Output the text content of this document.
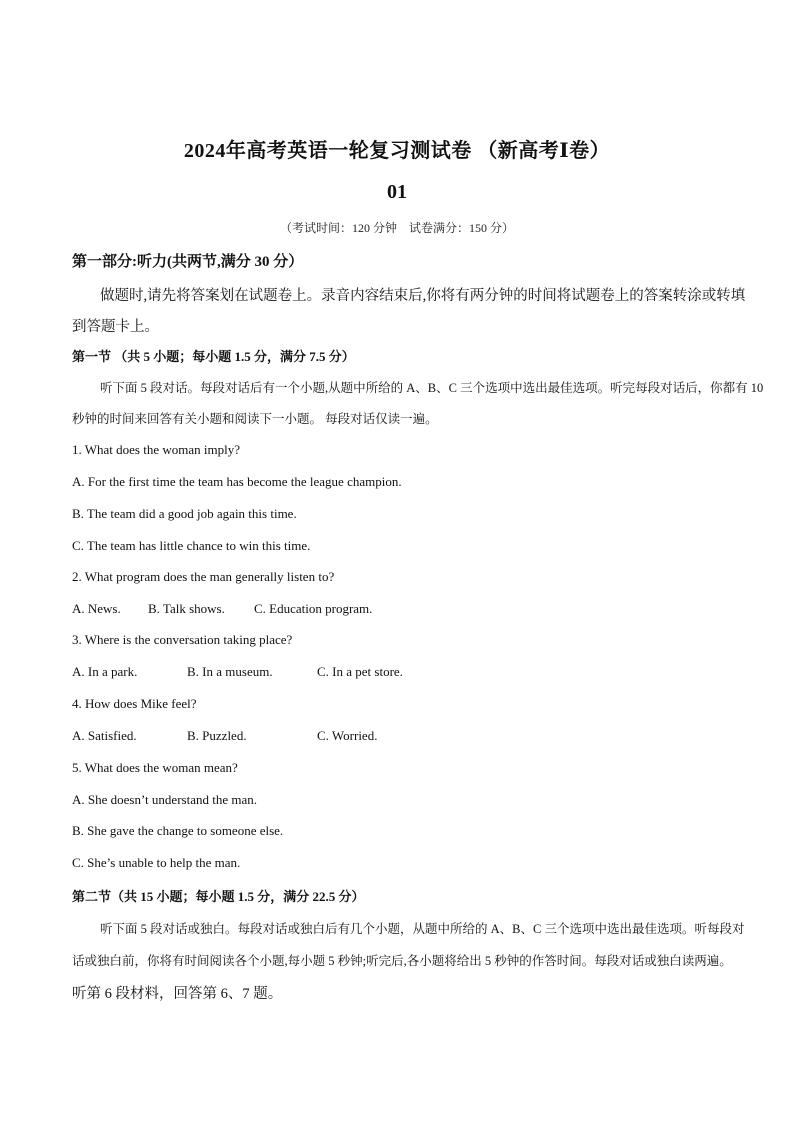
2024年高考英语一轮复习测试卷 （新高考Ⅰ卷）
01
（考试时间：120 分钟　试卷满分：150 分）
第一部分:听力(共两节,满分 30 分）
做题时,请先将答案划在试题卷上。录音内容结束后,你将有两分钟的时间将试题卷上的答案转涂或转填
到答题卡上。
第一节 （共 5 小题；每小题 1.5 分，满分 7.5 分）
听下面 5 段对话。每段对话后有一个小题,从题中所给的 A、B、C 三个选项中选出最佳选项。听完每段对话后，你都有 10
秒钟的时间来回答有关小题和阅读下一小题。 每段对话仅读一遍。
1. What does the woman imply?
A. For the first time the team has become the league champion.
B. The team did a good job again this time.
C. The team has little chance to win this time.
2. What program does the man generally listen to?
A. News. B. Talk shows. C. Education program.
3. Where is the conversation taking place?
A. In a park.	B. In a museum.	C. In a pet store.
4. How does Mike feel?
A. Satisfied.	B. Puzzled.	C. Worried.
5. What does the woman mean?
A. She doesn’t understand the man.
B. She gave the change to someone else.
C. She’s unable to help the man.
第二节（共 15 小题；每小题 1.5 分，满分 22.5 分）
听下面 5 段对话或独白。每段对话或独白后有几个小题，从题中所给的 A、B、C 三个选项中选出最佳选项。听每段对
话或独白前，你将有时间阅读各个小题,每小题 5 秒钟;听完后,各小题将给出 5 秒钟的作答时间。每段对话或独白读两遍。
听第 6 段材料，回答第 6、7 题。
